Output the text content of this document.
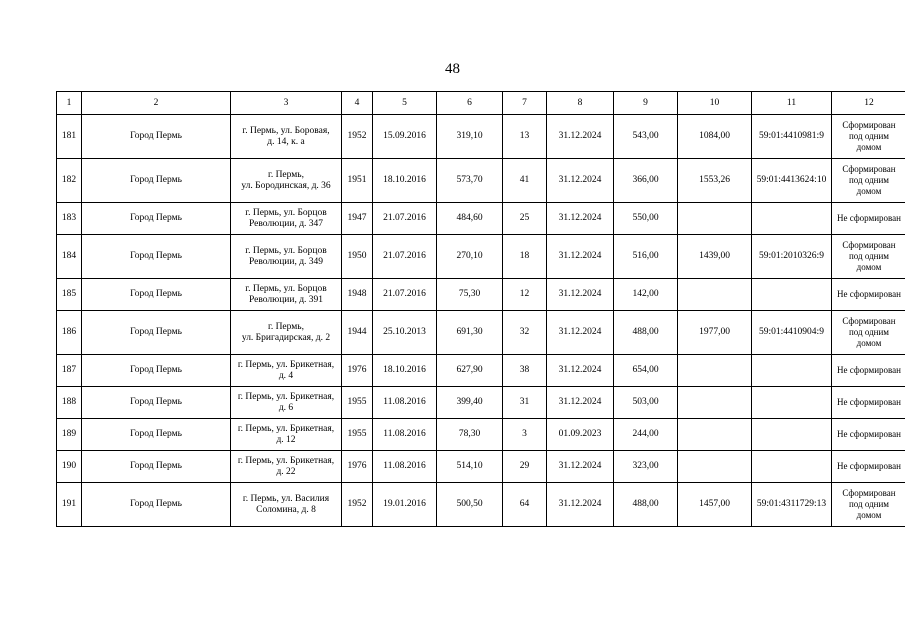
48
1	2	3	4	5	6	7	8	9	10	11	12
181	Город Пермь	г. Пермь, ул. Боровая,
д. 14, к. а	1952	15.09.2016	319,10	13	31.12.2024	543,00	1084,00	59:01:4410981:9	Сформирован
под одним
домом

182	Город Пермь	г. Пермь,
ул. Бородинская, д. 36	1951	18.10.2016	573,70	41	31.12.2024	366,00	1553,26	59:01:4413624:10	Сформирован
под одним
домом

183	Город Пермь	г. Пермь, ул. Борцов
Революции, д. 347	1947	21.07.2016	484,60	25	31.12.2024	550,00			Не сформирован

184	Город Пермь	г. Пермь, ул. Борцов
Революции, д. 349	1950	21.07.2016	270,10	18	31.12.2024	516,00	1439,00	59:01:2010326:9	Сформирован
под одним
домом

185	Город Пермь	г. Пермь, ул. Борцов
Революции, д. 391	1948	21.07.2016	75,30	12	31.12.2024	142,00			Не сформирован

186	Город Пермь	г. Пермь,
ул. Бригадирская, д. 2	1944	25.10.2013	691,30	32	31.12.2024	488,00	1977,00	59:01:4410904:9	Сформирован
под одним
домом

187	Город Пермь	г. Пермь, ул. Брикетная,
д. 4	1976	18.10.2016	627,90	38	31.12.2024	654,00			Не сформирован

188	Город Пермь	г. Пермь, ул. Брикетная,
д. 6	1955	11.08.2016	399,40	31	31.12.2024	503,00			Не сформирован

189	Город Пермь	г. Пермь, ул. Брикетная,
д. 12	1955	11.08.2016	78,30	3	01.09.2023	244,00			Не сформирован

190	Город Пермь	г. Пермь, ул. Брикетная,
д. 22	1976	11.08.2016	514,10	29	31.12.2024	323,00			Не сформирован

191	Город Пермь	г. Пермь, ул. Василия
Соломина, д. 8	1952	19.01.2016	500,50	64	31.12.2024	488,00	1457,00	59:01:4311729:13	Сформирован
под одним
домом
